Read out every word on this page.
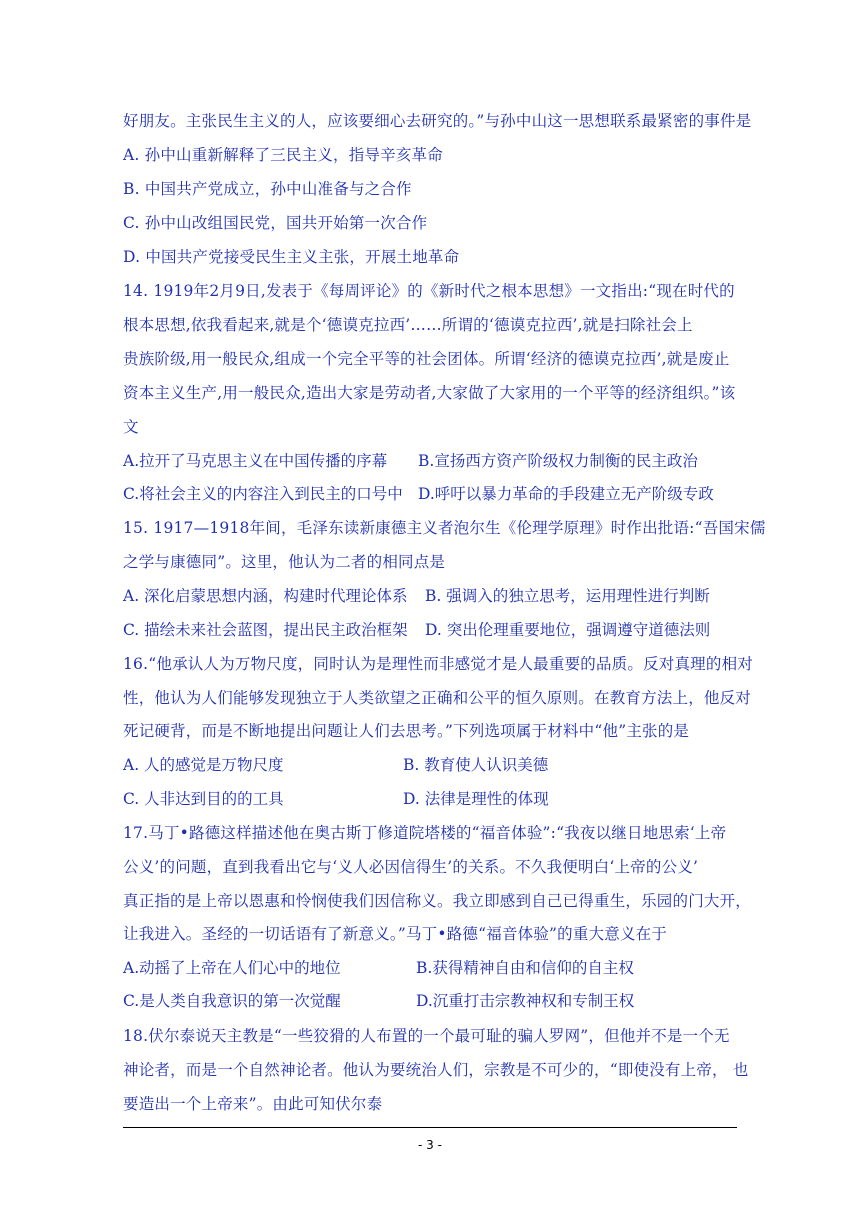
好朋友。主张民生主义的人，应该要细心去研究的。”与孙中山这一思想联系最紧密的事件是
A. 孙中山重新解释了三民主义，指导辛亥革命
B. 中国共产党成立，孙中山准备与之合作
C. 孙中山改组国民党，国共开始第一次合作
D. 中国共产党接受民生主义主张，开展土地革命
14. 1919年2月9日,发表于《每周评论》的《新时代之根本思想》一文指出:“现在时代的
根本思想,依我看起来,就是个‘德谟克拉西’……所谓的‘德谟克拉西’,就是扫除社会上
贵族阶级,用一般民众,组成一个完全平等的社会团体。所谓‘经济的德谟克拉西’,就是废止
资本主义生产,用一般民众,造出大家是劳动者,大家做了大家用的一个平等的经济组织。”该
文
A.拉开了马克思主义在中国传播的序幕 B.宣扬西方资产阶级权力制衡的民主政治
C.将社会主义的内容注入到民主的口号中 D.呼吁以暴力革命的手段建立无产阶级专政
15. 1917—1918年间，毛泽东读新康德主义者泡尔生《伦理学原理》时作出批语:“吾国宋儒
之学与康德同”。这里，他认为二者的相同点是
A. 深化启蒙思想内涵，构建时代理论体系 B. 强调入的独立思考，运用理性进行判断
C. 描绘未来社会蓝图，提出民主政治框架 D. 突出伦理重要地位，强调遵守道德法则
16.“他承认人为万物尺度，同时认为是理性而非感觉才是人最重要的品质。反对真理的相对
性，他认为人们能够发现独立于人类欲望之正确和公平的恒久原则。在教育方法上，他反对
死记硬背，而是不断地提出问题让人们去思考。”下列选项属于材料中“他”主张的是
A. 人的感觉是万物尺度	B. 教育使人认识美德
C. 人非达到目的的工具	D. 法律是理性的体现
17.马丁•路德这样描述他在奥古斯丁修道院塔楼的“福音体验”:“我夜以继日地思索‘上帝
公义’的问题，直到我看出它与‘义人必因信得生’的关系。不久我便明白‘上帝的公义’
真正指的是上帝以恩惠和怜悯使我们因信称义。我立即感到自己已得重生，乐园的门大开，
让我进入。圣经的一切话语有了新意义。”马丁•路德“福音体验”的重大意义在于
A.动摇了上帝在人们心中的地位	B.获得精神自由和信仰的自主权
C.是人类自我意识的第一次觉醒	D.沉重打击宗教神权和专制王权
18.伏尔泰说天主教是“一些狡猾的人布置的一个最可耻的骗人罗网”，但他并不是一个无
神论者，而是一个自然神论者。他认为要统治人们，宗教是不可少的，“即使没有上帝， 也
要造出一个上帝来”。由此可知伏尔泰
- 3 -
